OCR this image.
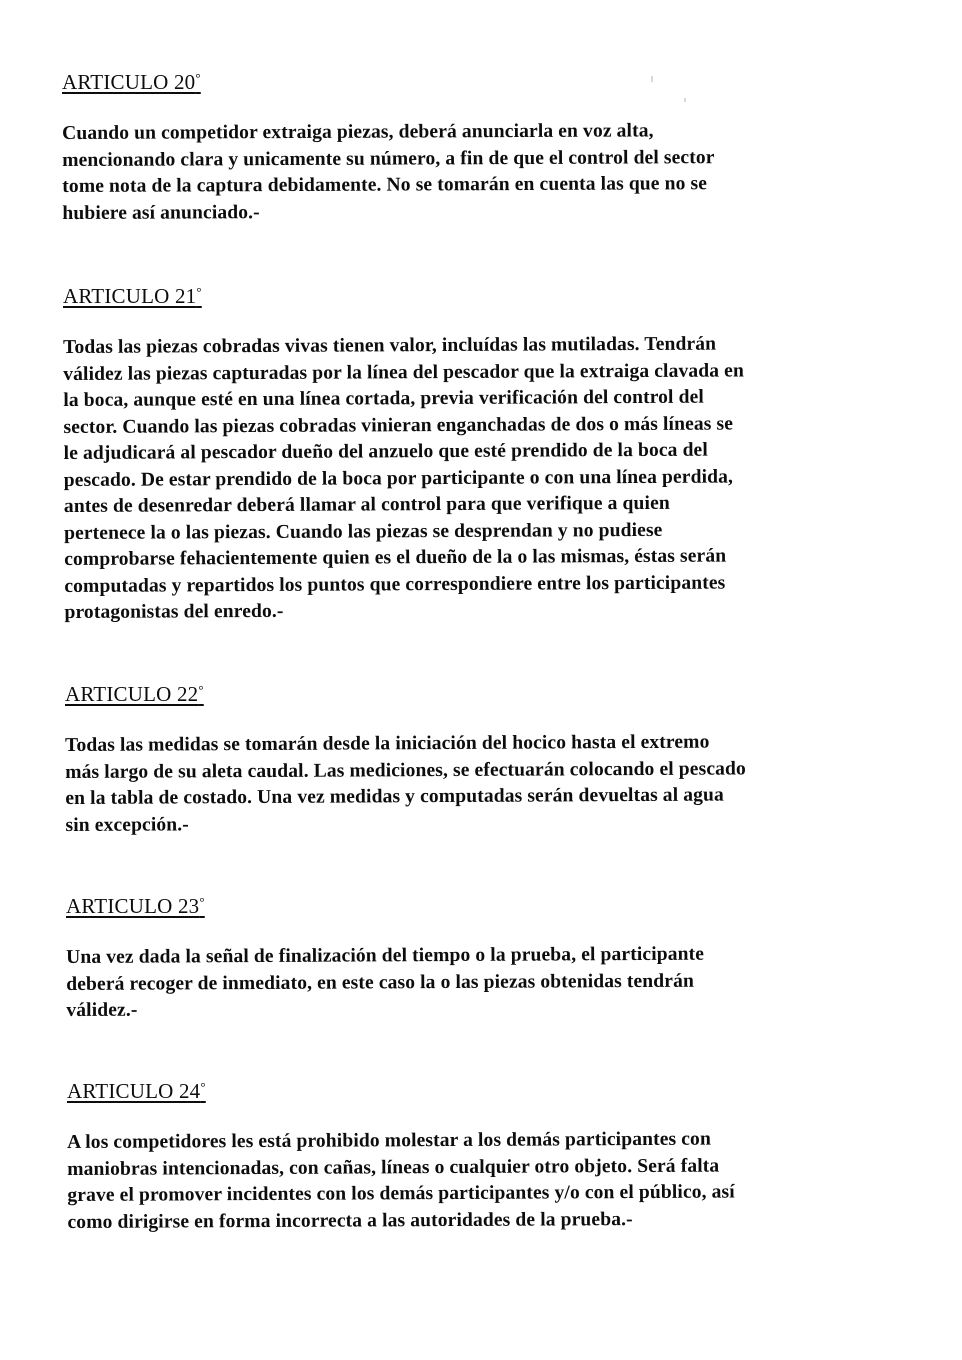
ARTICULO 20°

Cuando un competidor extraiga piezas, deberá anunciarla en voz alta,
mencionando clara y unicamente su número, a fin de que el control del sector
tome nota de la captura debidamente. No se tomarán en cuenta las que no se
hubiere así anunciado.-

ARTICULO 21°

Todas las piezas cobradas vivas tienen valor, incluídas las mutiladas. Tendrán
válidez las piezas capturadas por la línea del pescador que la extraiga clavada en
la boca, aunque esté en una línea cortada, previa verificación del control del
sector. Cuando las piezas cobradas vinieran enganchadas de dos o más líneas se
le adjudicará al pescador dueño del anzuelo que esté prendido de la boca del
pescado. De estar prendido de la boca por participante o con una línea perdida,
antes de desenredar deberá llamar al control para que verifique a quien
pertenece la o las piezas. Cuando las piezas se desprendan y no pudiese
comprobarse fehacientemente quien es el dueño de la o las mismas, éstas serán
computadas y repartidos los puntos que correspondiere entre los participantes
protagonistas del enredo.-

ARTICULO 22°

Todas las medidas se tomarán desde la iniciación del hocico hasta el extremo
más largo de su aleta caudal. Las mediciones, se efectuarán colocando el pescado
en la tabla de costado. Una vez medidas y computadas serán devueltas al agua
sin excepción.-

ARTICULO 23°

Una vez dada la señal de finalización del tiempo o la prueba, el participante
deberá recoger de inmediato, en este caso la o las piezas obtenidas tendrán
válidez.-

ARTICULO 24°

A los competidores les está prohibido molestar a los demás participantes con
maniobras intencionadas, con cañas, líneas o cualquier otro objeto. Será falta
grave el promover incidentes con los demás participantes y/o con el público, así
como dirigirse en forma incorrecta a las autoridades de la prueba.-
